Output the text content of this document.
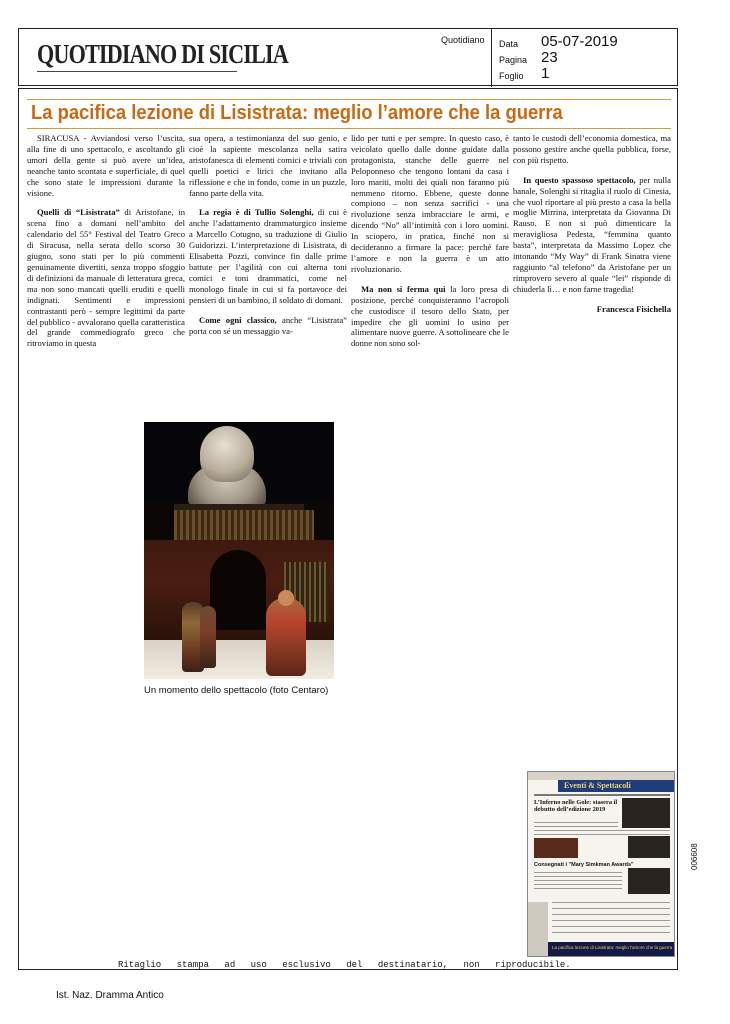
QUOTIDIANO DI SICILIA	Quotidiano Data 05-07-2019
Pagina 23
Foglio 1
La pacifica lezione di Lisistrata: meglio l’amore che la guerra

SIRACUSA - Avviandosi verso l’uscita, alla fine di uno spettacolo, e ascoltando gli umori della gente si può avere un’idea, neanche tanto scontata e superficiale, di quel che sono state le impressioni durante la visione.

Quelli di “Lisistrata” di Aristofane, in scena fino a domani nell’ambito del calendario del 55° Festival del Teatro Greco di Siracusa, nella serata dello scorso 30 giugno, sono stati per lo più commenti genuinamente divertiti, senza troppo sfoggio di definizioni da manuale di letteratura greca, ma non sono mancati quelli eruditi e quelli indignati. Sentimenti e impressioni contrastanti però - sempre legittimi da parte del pubblico - avvalorano quella caratteristica del grande commediografo greco che ritroviamo in questa

sua opera, a testimonianza del suo genio, e cioè la sapiente mescolanza nella satira aristofanesca di elementi comici e triviali con quelli poetici e lirici che invitano alla riflessione e che in fondo, come in un puzzle, fanno parte della vita.

La regia è di Tullio Solenghi, di cui è anche l’adattamento drammaturgico insieme a Marcello Cotugno, su traduzione di Giulio Guidorizzi. L’interpretazione di Lisistrata, di Elisabetta Pozzi, convince fin dalle prime battute per l’agilità con cui alterna toni comici e toni drammatici, come nel monologo finale in cui si fa portavoce dei pensieri di un bambino, il soldato di domani.

Come ogni classico, anche “Lisistrata” porta con sé un messaggio va-

lido per tutti e per sempre. In questo caso, è veicolato quello dalle donne guidate dalla protagonista, stanche delle guerre nel Peloponneso che tengono lontani da casa i loro mariti, molti dei quali non faranno più nemmeno ritorno. Ebbene, queste donne compiono – non senza sacrifici - una rivoluzione senza imbracciare le armi, e dicendo “No” all’intimità con i loro uomini. In sciopero, in pratica, finché non si decideranno a firmare la pace: perché fare l’amore e non la guerra è un atto rivoluzionario.

Ma non si ferma qui la loro presa di posizione, perché conquisteranno l’acropoli che custodisce il tesoro dello Stato, per impedire che gli uomini lo usino per alimentare nuove guerre. A sottolineare che le donne non sono sol-

tanto le custodi dell’economia domestica, ma possono gestire anche quella pubblica, forse, con più rispetto.

In questo spassoso spettacolo, per nulla banale, Solenghi si ritaglia il ruolo di Cinesia, che vuol riportare al più presto a casa la bella moglie Mirrina, interpretata da Giovanna Di Rauso. E non si può dimenticare la meravigliosa Pedesta, “femmina quanto basta”, interpretata da Massimo Lopez che intonando “My Way” di Frank Sinatra viene raggiunto “al telefono” da Aristofane per un rimprovero severo al quale “lei” risponde di chiuderla lì… e non farne tragedia!

Francesca Fisichella

Un momento dello spettacolo (foto Centaro)
Eventi & Spettacoli
L’Inferno nelle Gole: stasera il debutto dell’edizione 2019
Consegnati i "Mary Simkman Awards"
La pacifica lezione di Lisistrata: meglio l’amore che la guerra
006608
Ritaglio stampa ad uso esclusivo del destinatario, non riproducibile.
Ist. Naz. Dramma Antico
